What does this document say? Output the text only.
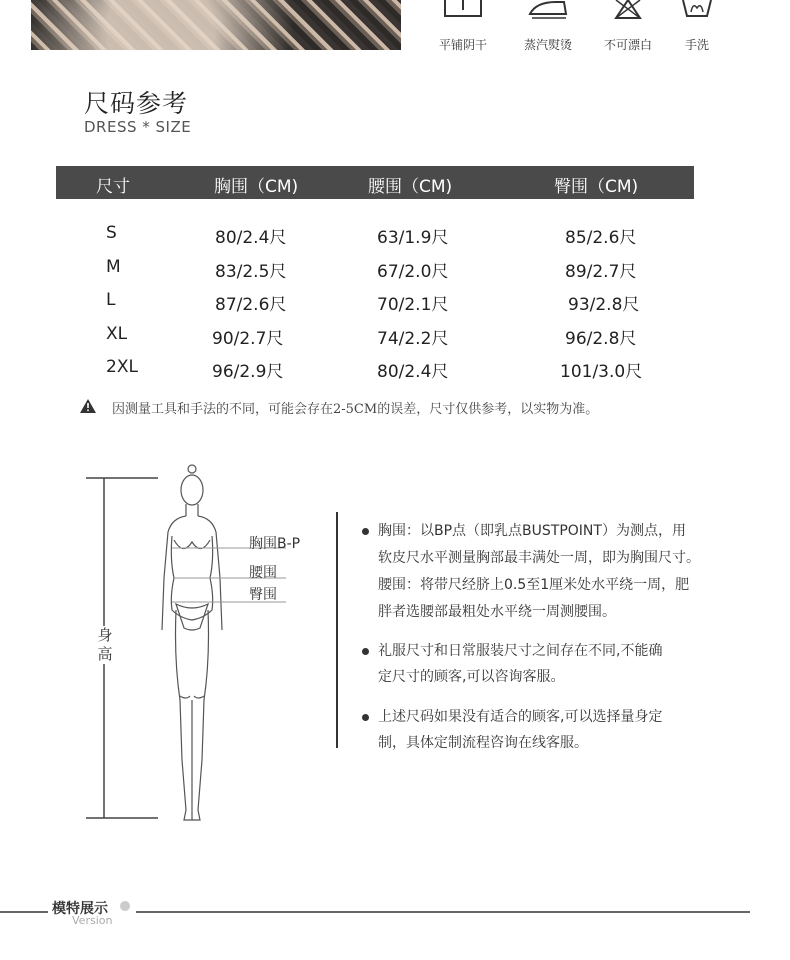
平铺阴干	蒸汽熨烫	不可漂白	手洗
尺码参考
DRESS * SIZE
尺寸	胸围（CM)	腰围（CM)	臀围（CM)
S	80/2.4尺	63/1.9尺	85/2.6尺
M	83/2.5尺	67/2.0尺	89/2.7尺
L	87/2.6尺	70/2.1尺	93/2.8尺
XL	90/2.7尺	74/2.2尺	96/2.8尺
2XL	96/2.9尺	80/2.4尺	101/3.0尺
因测量工具和手法的不同，可能会存在2-5CM的误差，尺寸仅供参考，以实物为准。
胸围B-P
腰围
臀围
身高
胸围：以BP点（即乳点BUSTPOINT）为测点，用
软皮尺水平测量胸部最丰满处一周，即为胸围尺寸。
腰围：将带尺经脐上0.5至1厘米处水平绕一周，肥
胖者选腰部最粗处水平绕一周测腰围。
礼服尺寸和日常服装尺寸之间存在不同,不能确
定尺寸的顾客,可以咨询客服。
上述尺码如果没有适合的顾客,可以选择量身定
制，具体定制流程咨询在线客服。
模特展示
Version
